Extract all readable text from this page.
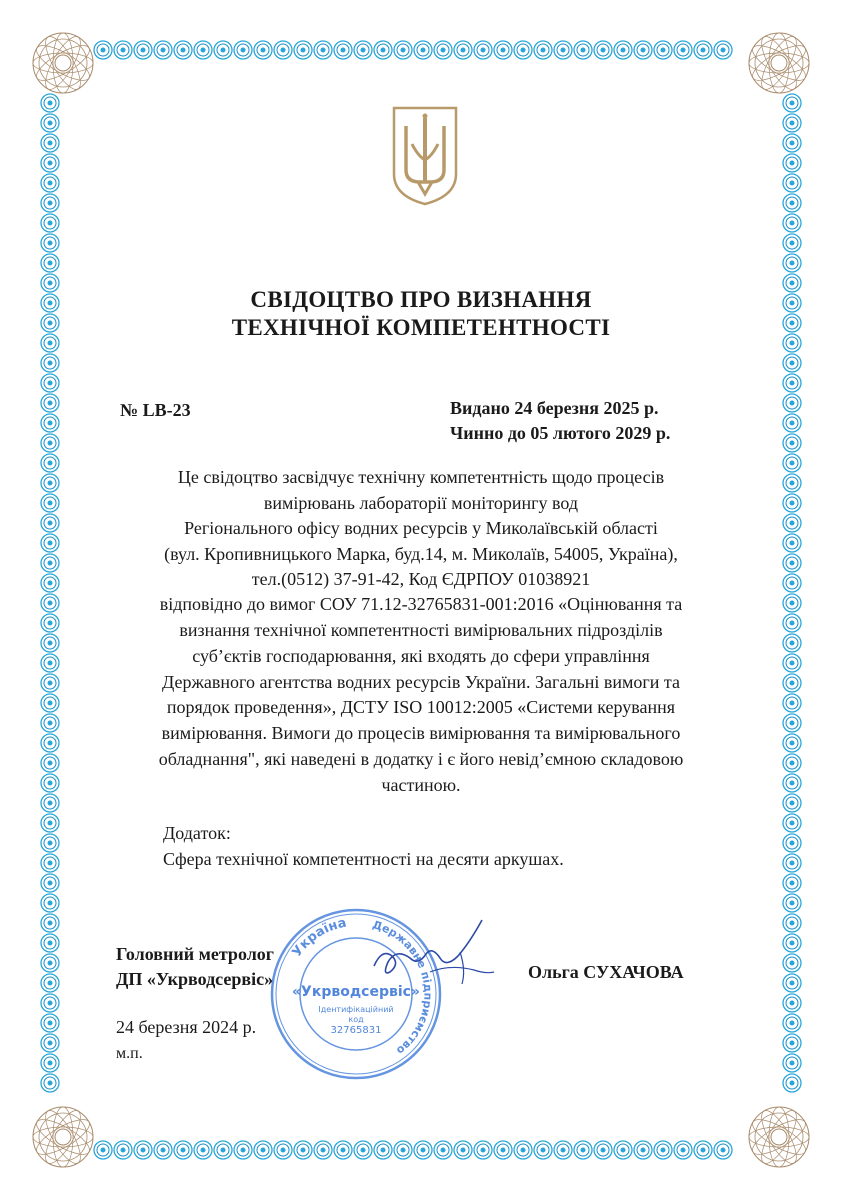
СВІДОЦТВО ПРО ВИЗНАННЯ
ТЕХНІЧНОЇ КОМПЕТЕНТНОСТІ
№ LB-23	Видано 24 березня 2025 р.
Чинно до 05 лютого 2029 р.
Це свідоцтво засвідчує технічну компетентність щодо процесів
вимірювань лабораторії моніторингу вод
Регіонального офісу водних ресурсів у Миколаївській області
(вул. Кропивницького Марка, буд.14, м. Миколаїв, 54005, Україна),
тел.(0512) 37-91-42, Код ЄДРПОУ 01038921
відповідно до вимог СОУ 71.12-32765831-001:2016 «Оцінювання та
визнання технічної компетентності вимірювальних підрозділів
суб’єктів господарювання, які входять до сфери управління
Державного агентства водних ресурсів України. Загальні вимоги та
порядок проведення», ДСТУ ISO 10012:2005 «Системи керування
вимірювання. Вимоги до процесів вимірювання та вимірювального
обладнання", які наведені в додатку і є його невід’ємною складовою
частиною.
Додаток:
Сфера технічної компетентності на десяти аркушах.
Головний метролог
ДП «Укрводсервіс»	Ольга СУХАЧОВА
24 березня 2024 р.
м.п.
Україна Державне підприємство
«Укрводсервіс»
Ідентифікаційний
код
32765831
